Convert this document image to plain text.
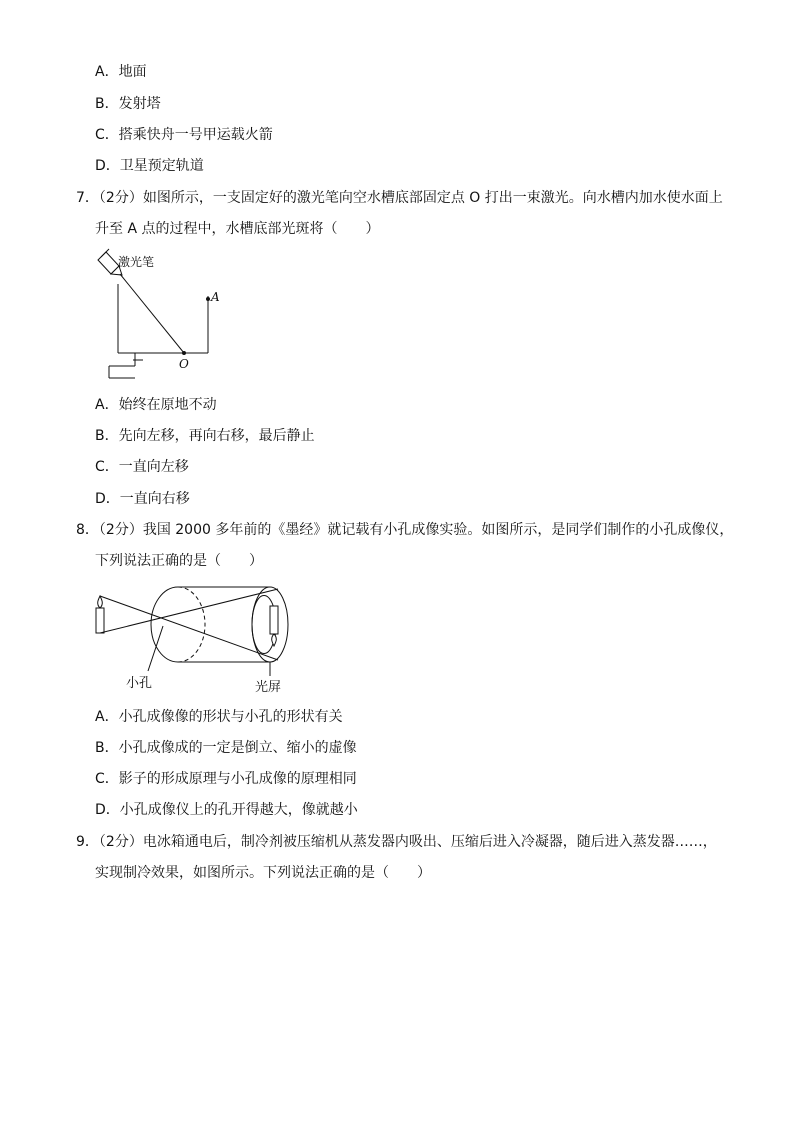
A．地面
B．发射塔
C．搭乘快舟一号甲运载火箭
D．卫星预定轨道
7．（2分）如图所示，一支固定好的激光笔向空水槽底部固定点 O 打出一束激光。向水槽内加水使水面上
升至 A 点的过程中，水槽底部光斑将（　　）
激光笔
A
O
A．始终在原地不动
B．先向左移，再向右移，最后静止
C．一直向左移
D．一直向右移
8．（2分）我国 2000 多年前的《墨经》就记载有小孔成像实验。如图所示，是同学们制作的小孔成像仪，
下列说法正确的是（　　）
小孔	光屏
A．小孔成像像的形状与小孔的形状有关
B．小孔成像成的一定是倒立、缩小的虚像
C．影子的形成原理与小孔成像的原理相同
D．小孔成像仪上的孔开得越大，像就越小
9．（2分）电冰箱通电后，制冷剂被压缩机从蒸发器内吸出、压缩后进入冷凝器，随后进入蒸发器……，
实现制冷效果，如图所示。下列说法正确的是（　　）
